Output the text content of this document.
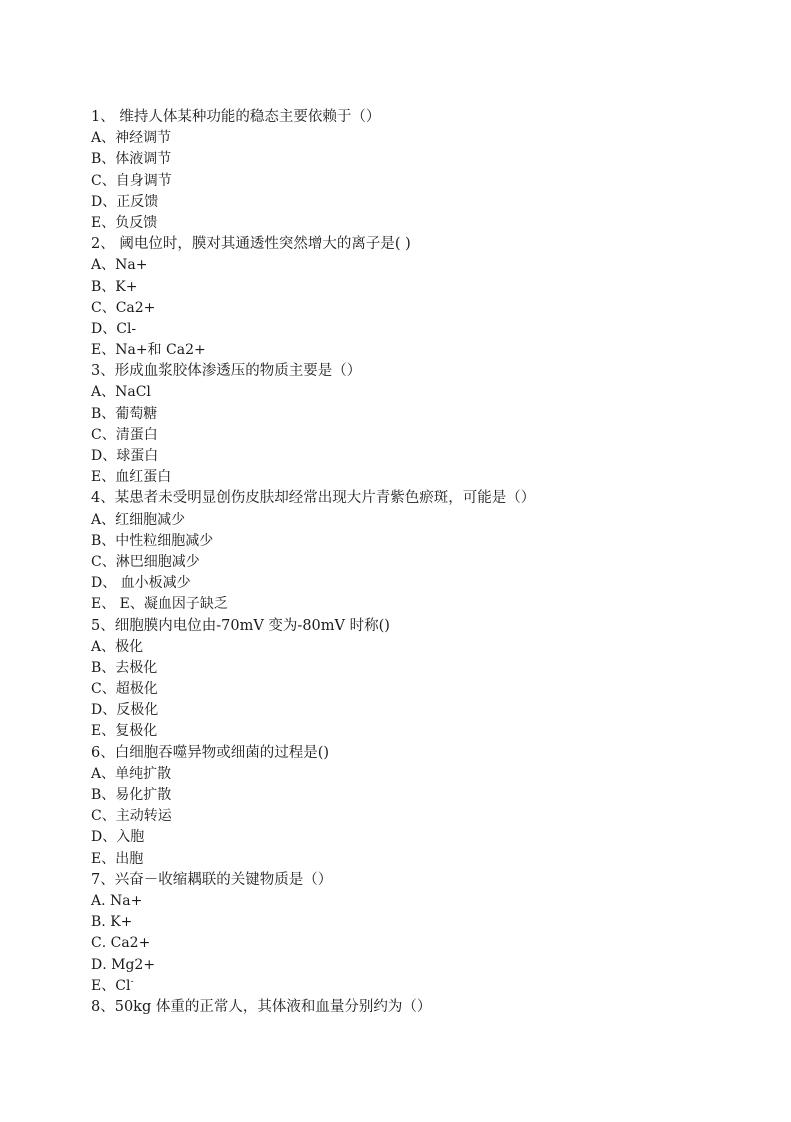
1、 维持人体某种功能的稳态主要依赖于（）
A、神经调节
B、体液调节
C、自身调节
D、正反馈
E、负反馈
2、 阈电位时，膜对其通透性突然增大的离子是( )
A、Na+
B、K+
C、Ca2+
D、Cl-
E、Na+和 Ca2+
3、形成血浆胶体渗透压的物质主要是（）
A、NaCl
B、葡萄糖
C、清蛋白
D、球蛋白
E、血红蛋白
4、某患者未受明显创伤皮肤却经常出现大片青紫色瘀斑，可能是（）
A、红细胞减少
B、中性粒细胞减少
C、淋巴细胞减少
D、 血小板减少
E、 E、凝血因子缺乏
5、细胞膜内电位由-70mV 变为-80mV 时称()
A、极化
B、去极化
C、超极化
D、反极化
E、复极化
6、白细胞吞噬异物或细菌的过程是()
A、单纯扩散
B、易化扩散
C、主动转运
D、入胞
E、出胞
7、兴奋－收缩耦联的关键物质是（）
A. Na+
B. K+
C. Ca2+
D. Mg2+
E、Cl-
8、50kg 体重的正常人，其体液和血量分别约为（）
